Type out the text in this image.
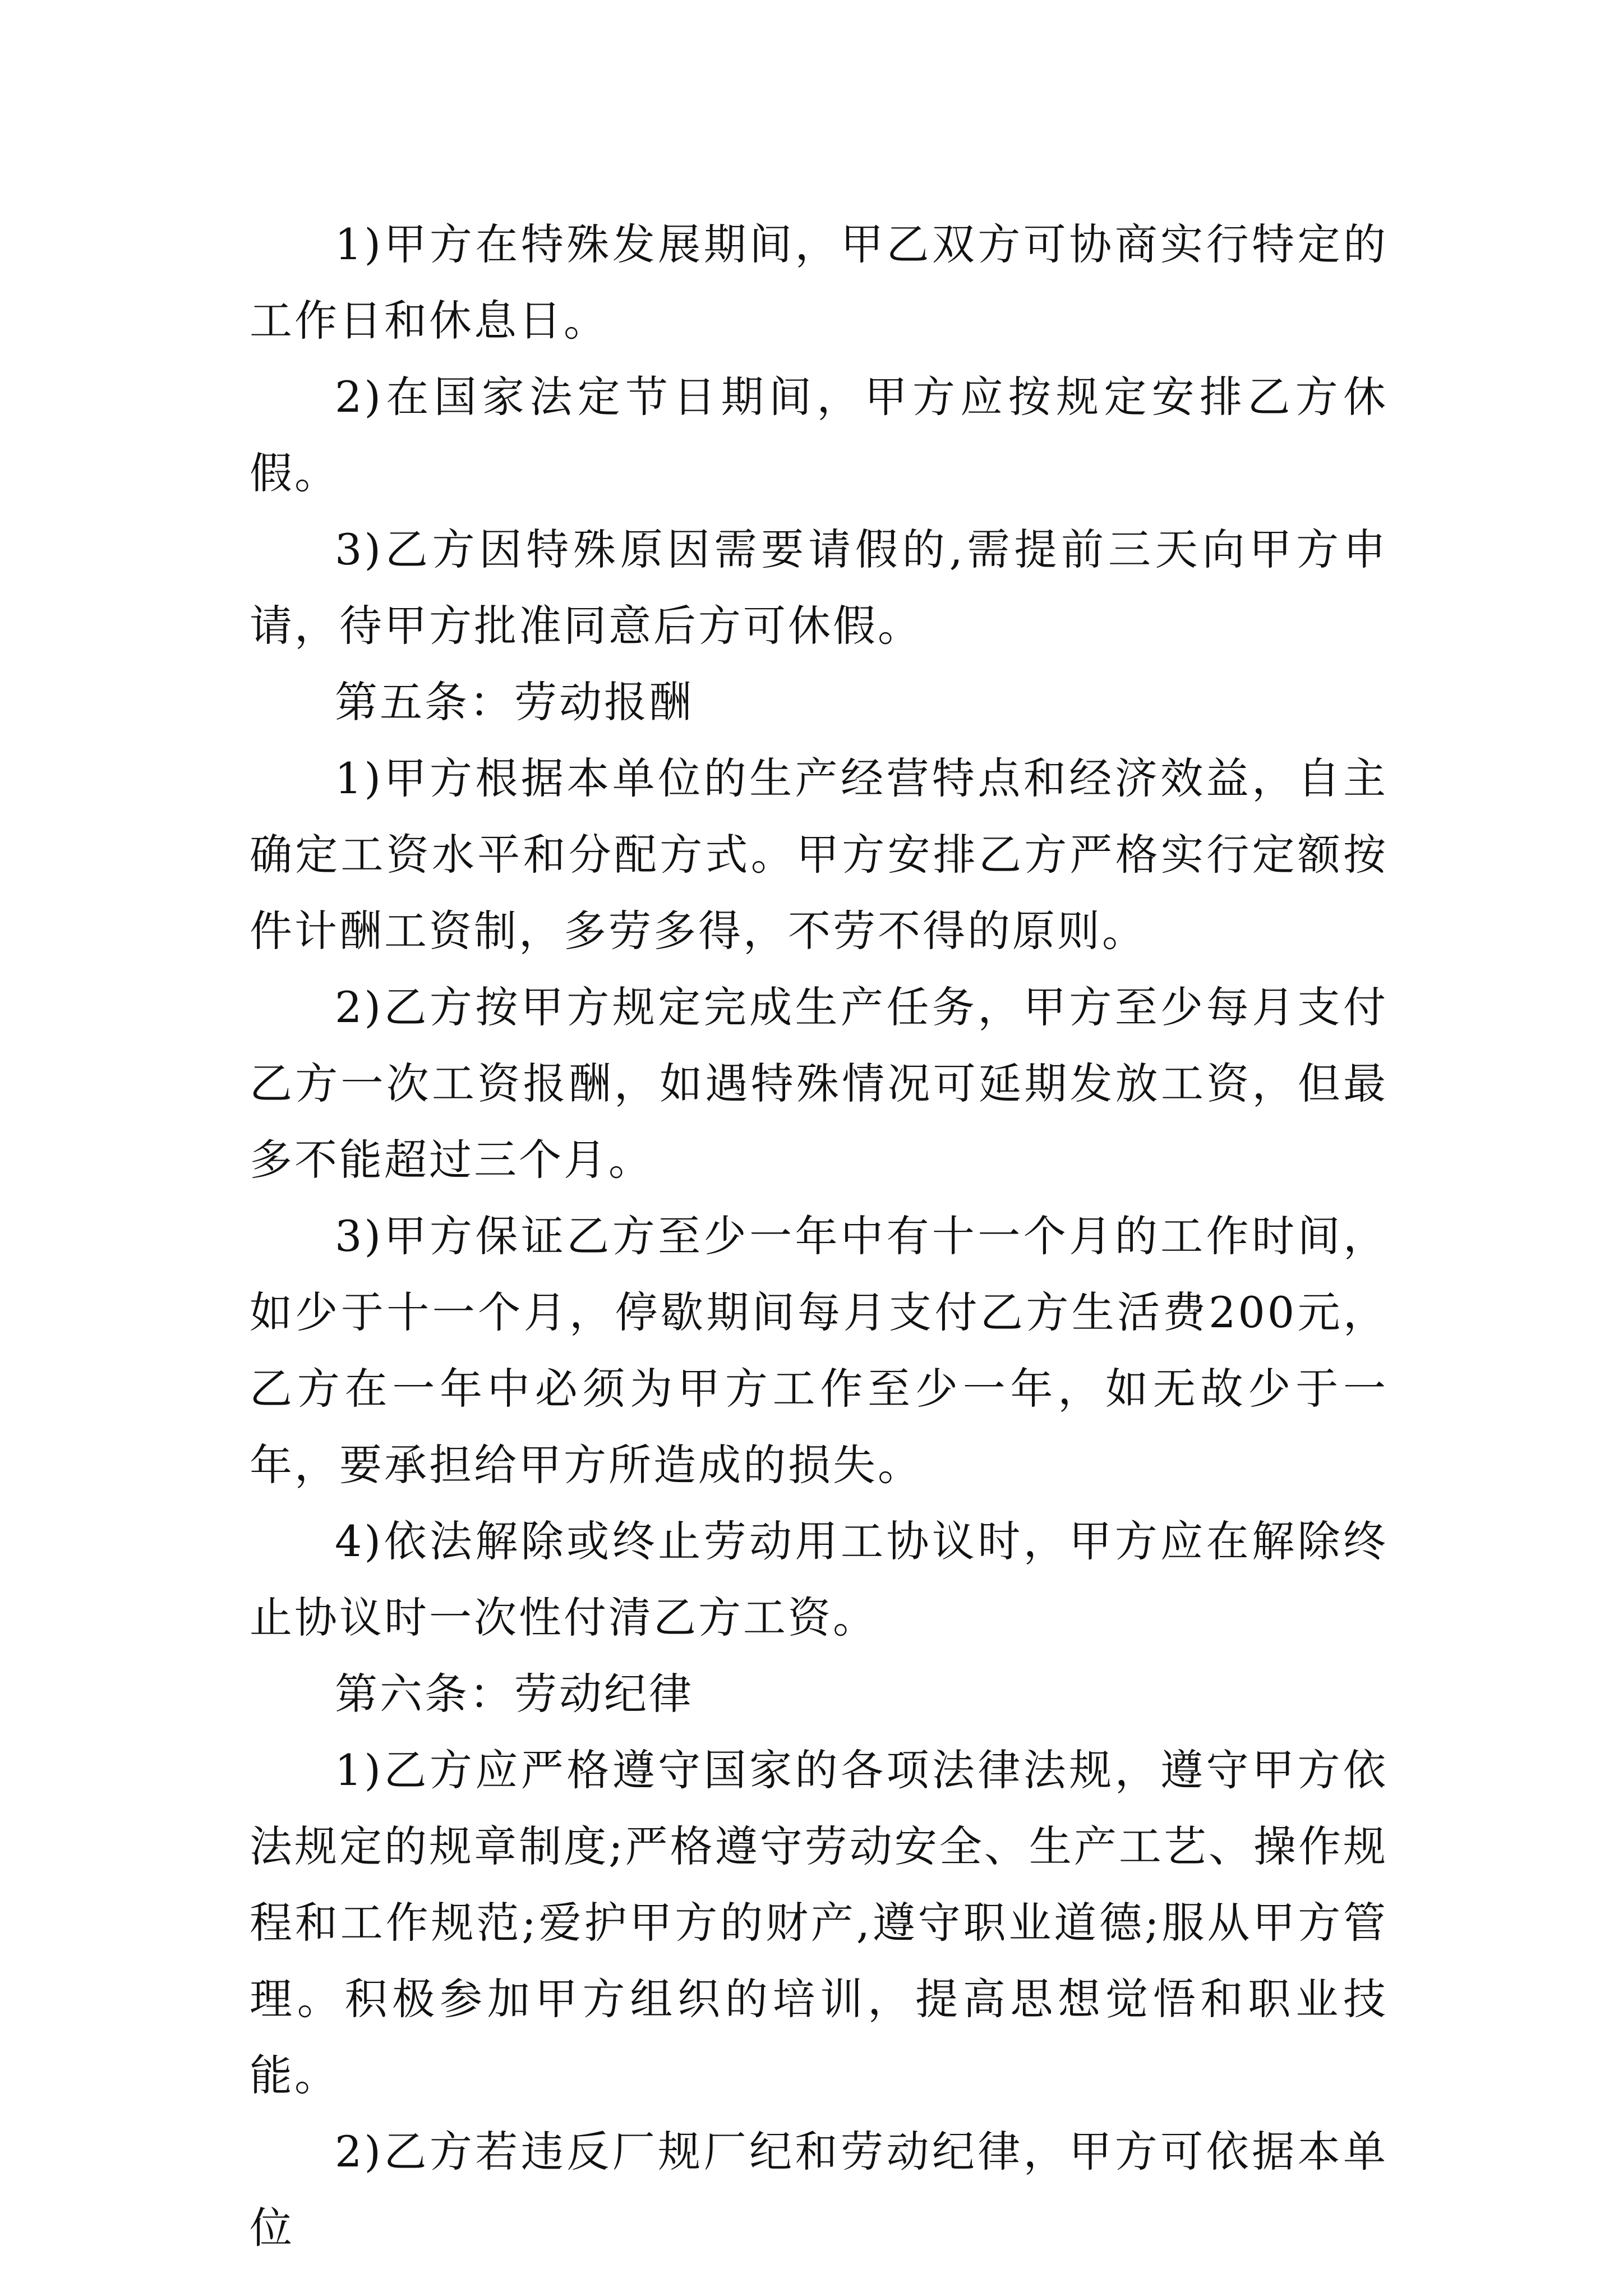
1)甲方在特殊发展期间，甲乙双方可协商实行特定的工作日和休息日。

2)在国家法定节日期间，甲方应按规定安排乙方休假。

3)乙方因特殊原因需要请假的,需提前三天向甲方申请，待甲方批准同意后方可休假。

第五条：劳动报酬

1)甲方根据本单位的生产经营特点和经济效益，自主确定工资水平和分配方式。甲方安排乙方严格实行定额按件计酬工资制，多劳多得，不劳不得的原则。

2)乙方按甲方规定完成生产任务，甲方至少每月支付乙方一次工资报酬，如遇特殊情况可延期发放工资，但最多不能超过三个月。

3)甲方保证乙方至少一年中有十一个月的工作时间，如少于十一个月，停歇期间每月支付乙方生活费200元，乙方在一年中必须为甲方工作至少一年，如无故少于一年，要承担给甲方所造成的损失。

4)依法解除或终止劳动用工协议时，甲方应在解除终止协议时一次性付清乙方工资。

第六条：劳动纪律

1)乙方应严格遵守国家的各项法律法规，遵守甲方依法规定的规章制度;严格遵守劳动安全、生产工艺、操作规程和工作规范;爱护甲方的财产,遵守职业道德;服从甲方管理。积极参加甲方组织的培训，提高思想觉悟和职业技能。

2)乙方若违反厂规厂纪和劳动纪律，甲方可依据本单位
